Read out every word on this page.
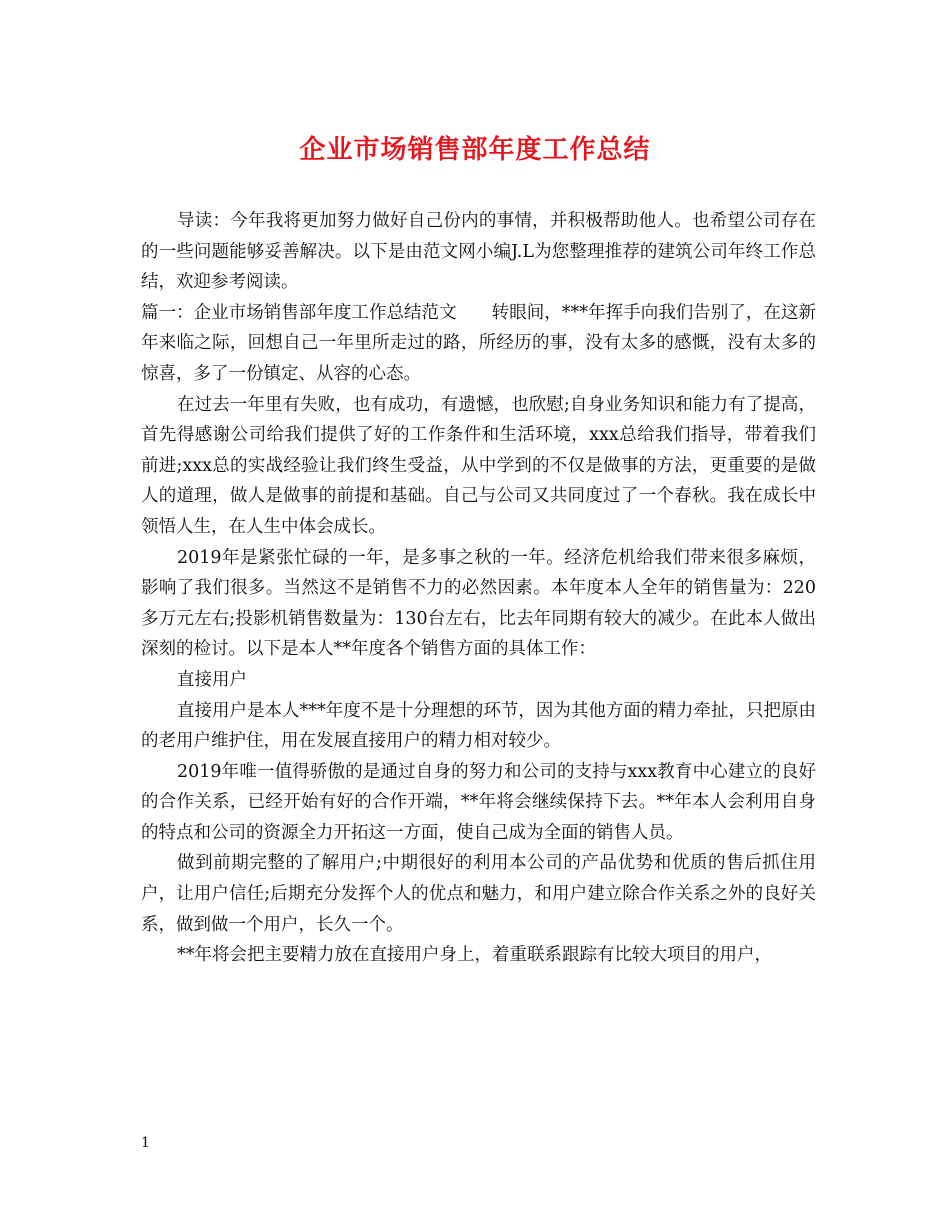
企业市场销售部年度工作总结

导读：今年我将更加努力做好自己份内的事情，并积极帮助他人。也希望公司存在的一些问题能够妥善解决。以下是由范文网小编J.L为您整理推荐的建筑公司年终工作总结，欢迎参考阅读。

篇一：企业市场销售部年度工作总结范文　　转眼间，***年挥手向我们告别了，在这新年来临之际，回想自己一年里所走过的路，所经历的事，没有太多的感慨，没有太多的惊喜，多了一份镇定、从容的心态。

在过去一年里有失败，也有成功，有遗憾，也欣慰;自身业务知识和能力有了提高，首先得感谢公司给我们提供了好的工作条件和生活环境，xxx总给我们指导，带着我们前进;xxx总的实战经验让我们终生受益，从中学到的不仅是做事的方法，更重要的是做人的道理，做人是做事的前提和基础。自己与公司又共同度过了一个春秋。我在成长中领悟人生，在人生中体会成长。

2019年是紧张忙碌的一年，是多事之秋的一年。经济危机给我们带来很多麻烦，影响了我们很多。当然这不是销售不力的必然因素。本年度本人全年的销售量为：220多万元左右;投影机销售数量为：130台左右，比去年同期有较大的减少。在此本人做出深刻的检讨。以下是本人**年度各个销售方面的具体工作：

直接用户

直接用户是本人***年度不是十分理想的环节，因为其他方面的精力牵扯，只把原由的老用户维护住，用在发展直接用户的精力相对较少。

2019年唯一值得骄傲的是通过自身的努力和公司的支持与xxx教育中心建立的良好的合作关系，已经开始有好的合作开端，**年将会继续保持下去。**年本人会利用自身的特点和公司的资源全力开拓这一方面，使自己成为全面的销售人员。

做到前期完整的了解用户;中期很好的利用本公司的产品优势和优质的售后抓住用户，让用户信任;后期充分发挥个人的优点和魅力，和用户建立除合作关系之外的良好关系，做到做一个用户，长久一个。

**年将会把主要精力放在直接用户身上，着重联系跟踪有比较大项目的用户，

1
